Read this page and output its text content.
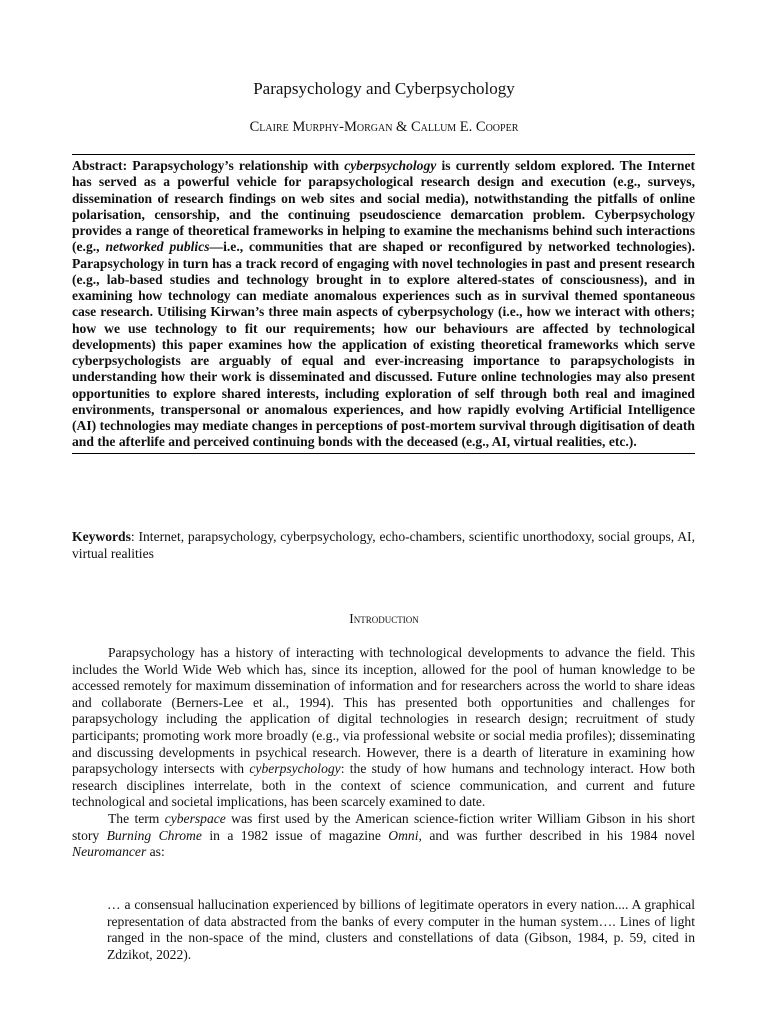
Parapsychology and Cyberpsychology
Claire Murphy-Morgan & Callum E. Cooper
Abstract: Parapsychology’s relationship with cyberpsychology is currently seldom explored. The Internet has served as a powerful vehicle for parapsychological research design and execution (e.g., surveys, dissemination of research findings on web sites and social media), notwithstanding the pitfalls of online polarisation, censorship, and the continuing pseudoscience demarcation problem. Cyberpsychology provides a range of theoretical frameworks in helping to examine the mechanisms behind such interactions (e.g., networked publics—i.e., communities that are shaped or reconfigured by networked technologies). Parapsychology in turn has a track record of engaging with novel technologies in past and present research (e.g., lab-based studies and technology brought in to explore altered-states of consciousness), and in examining how technology can mediate anomalous experiences such as in survival themed spontaneous case research. Utilising Kirwan’s three main aspects of cyberpsychology (i.e., how we interact with others; how we use technology to fit our requirements; how our behaviours are affected by technological developments) this paper examines how the application of existing theoretical frameworks which serve cyberpsychologists are arguably of equal and ever-increasing importance to parapsychologists in understanding how their work is disseminated and discussed. Future online technologies may also present opportunities to explore shared interests, including exploration of self through both real and imagined environments, transpersonal or anomalous experiences, and how rapidly evolving Artificial Intelligence (AI) technologies may mediate changes in perceptions of post-mortem survival through digitisation of death and the afterlife and perceived continuing bonds with the deceased (e.g., AI, virtual realities, etc.).
Keywords: Internet, parapsychology, cyberpsychology, echo-chambers, scientific unorthodoxy, social groups, AI, virtual realities
Introduction

Parapsychology has a history of interacting with technological developments to advance the field. This includes the World Wide Web which has, since its inception, allowed for the pool of human knowledge to be accessed remotely for maximum dissemination of information and for researchers across the world to share ideas and collaborate (Berners-Lee et al., 1994). This has presented both opportunities and challenges for parapsychology including the application of digital technologies in research design; recruitment of study participants; promoting work more broadly (e.g., via professional website or social media profiles); disseminating and discussing developments in psychical research. However, there is a dearth of literature in examining how parapsychology intersects with cyberpsychology: the study of how humans and technology interact. How both research disciplines interrelate, both in the context of science communication, and current and future technological and societal implications, has been scarcely examined to date.

The term cyberspace was first used by the American science-fiction writer William Gibson in his short story Burning Chrome in a 1982 issue of magazine Omni, and was further described in his 1984 novel Neuromancer as:

… a consensual hallucination experienced by billions of legitimate operators in every nation.... A graphical representation of data abstracted from the banks of every computer in the human system…. Lines of light ranged in the non-space of the mind, clusters and constellations of data (Gibson, 1984, p. 59, cited in Zdzikot, 2022).
